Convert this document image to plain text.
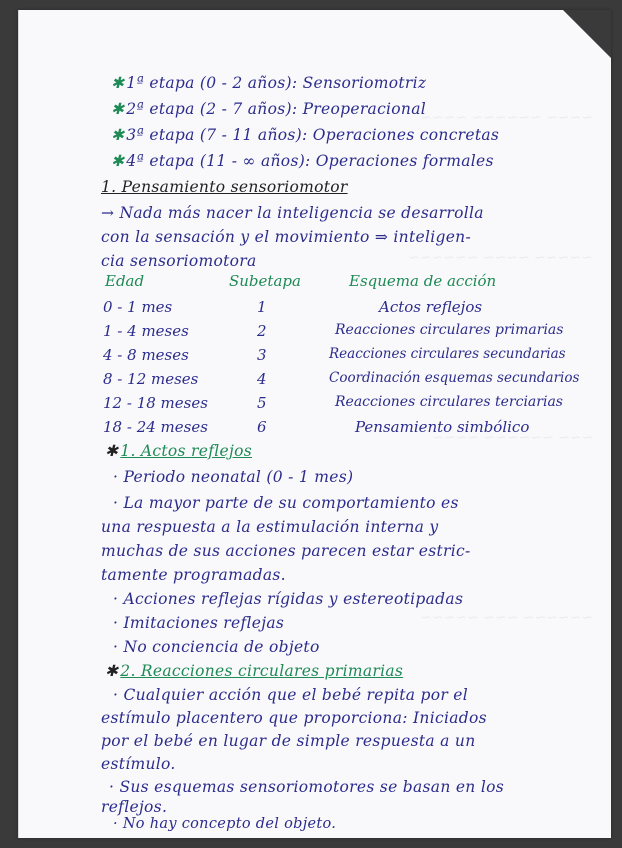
~~~~ ~~~~~~ ~~~~
~~~~~ ~~~~ ~~~~~~
~~~ ~~~~~~ ~~~~
~~~~~~ ~~~ ~~~~~
✱ 1ª etapa (0 - 2 años): Sensoriomotriz
✱ 2ª etapa (2 - 7 años): Preoperacional
✱ 3ª etapa (7 - 11 años): Operaciones concretas
✱ 4ª etapa (11 - ∞ años): Operaciones formales
1. Pensamiento sensoriomotor
→ Nada más nacer la inteligencia se desarrolla
con la sensación y el movimiento ⇒ inteligen-
cia sensoriomotora
Edad	Subetapa	Esquema de acción
0 - 1 mes	1	Actos reflejos
1 - 4 meses	2	Reacciones circulares primarias
4 - 8 meses	3	Reacciones circulares secundarias
8 - 12 meses	4	Coordinación esquemas secundarios
12 - 18 meses	5	Reacciones circulares terciarias
18 - 24 meses	6	Pensamiento simbólico
✱ 1. Actos reflejos
· Periodo neonatal (0 - 1 mes)
· La mayor parte de su comportamiento es
una respuesta a la estimulación interna y
muchas de sus acciones parecen estar estric-
tamente programadas.
· Acciones reflejas rígidas y estereotipadas
· Imitaciones reflejas
· No conciencia de objeto
✱ 2. Reacciones circulares primarias
· Cualquier acción que el bebé repita por el
estímulo placentero que proporciona: Iniciados
por el bebé en lugar de simple respuesta a un
estímulo.
· Sus esquemas sensoriomotores se basan en los
reflejos.
· No hay concepto del objeto.
